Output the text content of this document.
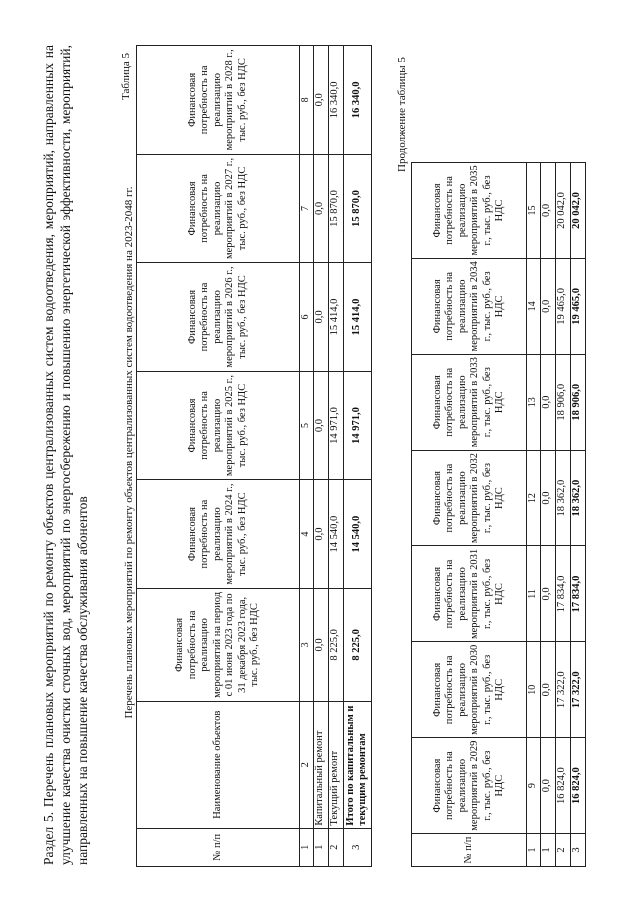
Раздел 5. Перечень плановых мероприятий по ремонту объектов централизованных систем водоотведения, мероприятий, направленных на улучшение качества очистки сточных вод, мероприятий по энергосбережению и повышению энергетической эффективности, мероприятий, направленных на повышение качества обслуживания абонентов	Перечень плановых мероприятий по ремонту объектов централизованных систем водоотведения на 2023-2048 гг.
Таблица 5
№ п/п	Наименование объектов	Финансовая потребность на реализацию мероприятий на период с 01 июня 2023 года по 31 декабря 2023 года, тыс. руб., без НДС	Финансовая потребность на реализацию мероприятий в 2024 г., тыс. руб., без НДС	Финансовая потребность на реализацию мероприятий в 2025 г., тыс. руб., без НДС	Финансовая потребность на реализацию мероприятий в 2026 г., тыс. руб., без НДС	Финансовая потребность на реализацию мероприятий в 2027 г., тыс. руб., без НДС	Финансовая потребность на реализацию мероприятий в 2028 г., тыс. руб., без НДС
1	2	3	4	5	6	7	8
1	Капитальный ремонт	0,0	0,0	0,0	0,0	0,0	0,0
2	Текущий ремонт	8 225,0	14 540,0	14 971,0	15 414,0	15 870,0	16 340,0
3	Итого по капитальным и текущим ремонтам	8 225,0	14 540,0	14 971,0	15 414,0	15 870,0	16 340,0	Продолжение таблицы 5
№ п/п	Финансовая потребность на реализацию мероприятий в 2029 г., тыс. руб., без НДС	Финансовая потребность на реализацию мероприятий в 2030 г., тыс. руб., без НДС	Финансовая потребность на реализацию мероприятий в 2031 г., тыс. руб., без НДС	Финансовая потребность на реализацию мероприятий в 2032 г., тыс. руб., без НДС	Финансовая потребность на реализацию мероприятий в 2033 г., тыс. руб., без НДС	Финансовая потребность на реализацию мероприятий в 2034 г., тыс. руб., без НДС	Финансовая потребность на реализацию мероприятий в 2035 г., тыс. руб., без НДС
1	9	10	11	12	13	14	15
1	0,0	0,0	0,0	0,0	0,0	0,0	0,0
2	16 824,0	17 322,0	17 834,0	18 362,0	18 906,0	19 465,0	20 042,0
3	16 824,0	17 322,0	17 834,0	18 362,0	18 906,0	19 465,0	20 042,0
